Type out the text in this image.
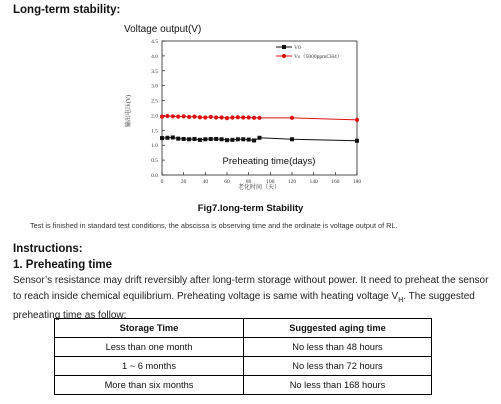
Long-term stability:
Voltage output(V)
0.0
0.5
1.0
1.5
2.0
2.5
3.0
3.5
4.0
4.5
0	20	40	60	80	100 120 140 160 180
V0
Vs（5000ppmCH4）
输出电压(V)
老化时间（天）
Preheating time(days)
Fig7.long-term Stability
Test is finished in standard test conditions, the abscissa is observing time and the ordinate is voltage output of RL.
Instructions:
1. Preheating time
Sensor’s resistance may drift reversibly after long-term storage without power. It need to preheat the sensor to reach inside chemical equilibrium. Preheating voltage is same with heating voltage $V_H$. The suggested preheating time as follow:
Storage Time	Suggested aging time
Less than one month	No less than 48 hours
1 ~ 6 months	No less than 72 hours
More than six months	No less than 168 hours
